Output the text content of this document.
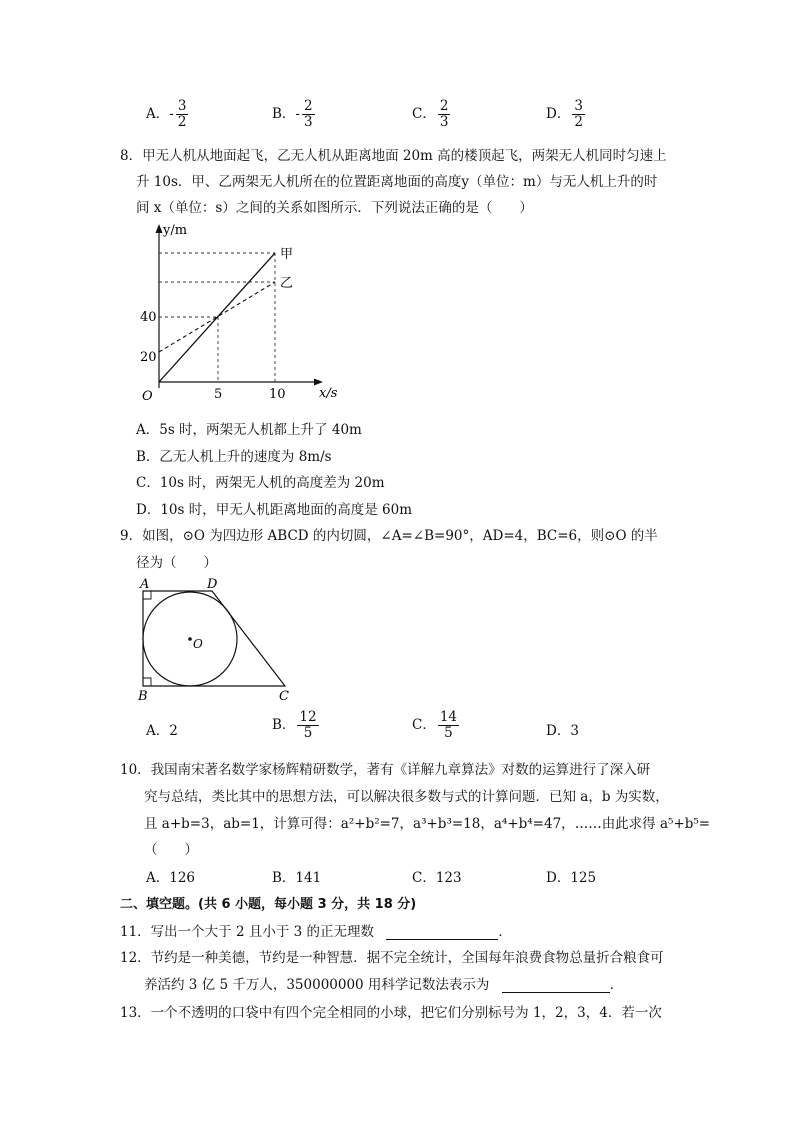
A．- $\frac{3}{2}$	B．- $\frac{2}{3}$	C． $\frac{2}{3}$	D． $\frac{3}{2}$
8．甲无人机从地面起飞，乙无人机从距离地面 20m 高的楼顶起飞，两架无人机同时匀速上
升 10s．甲、乙两架无人机所在的位置距离地面的高度y（单位：m）与无人机上升的时
间 x（单位：s）之间的关系如图所示．下列说法正确的是（　　）
y/m
x/s
O
40
20
5	10
甲
乙
A．5s 时，两架无人机都上升了 40m
B．乙无人机上升的速度为 8m/s
C．10s 时，两架无人机的高度差为 20m
D．10s 时，甲无人机距离地面的高度是 60m
9．如图，⊙O 为四边形 ABCD 的内切圆，∠A=∠B=90°，AD=4，BC=6，则⊙O 的半
径为（　　）
A	D
B	C
O
A．2	B． $\frac{12}{5}$	C． $\frac{14}{5}$	D．3
10．我国南宋著名数学家杨辉精研数学，著有《详解九章算法》对数的运算进行了深入研
究与总结，类比其中的思想方法，可以解决很多数与式的计算问题．已知 a，b 为实数，
且 a+b=3，ab=1，计算可得：a²+b²=7，a³+b³=18，a⁴+b⁴=47，……由此求得 a⁵+b⁵=
（　　）
A．126	B．141	C．123	D．125
二、填空题。(共 6 小题，每小题 3 分，共 18 分)
11．写出一个大于 2 且小于 3 的正无理数	．
12．节约是一种美德，节约是一种智慧．据不完全统计，全国每年浪费食物总量折合粮食可
养活约 3 亿 5 千万人，350000000 用科学记数法表示为	．
13．一个不透明的口袋中有四个完全相同的小球，把它们分别标号为 1，2，3，4．若一次
